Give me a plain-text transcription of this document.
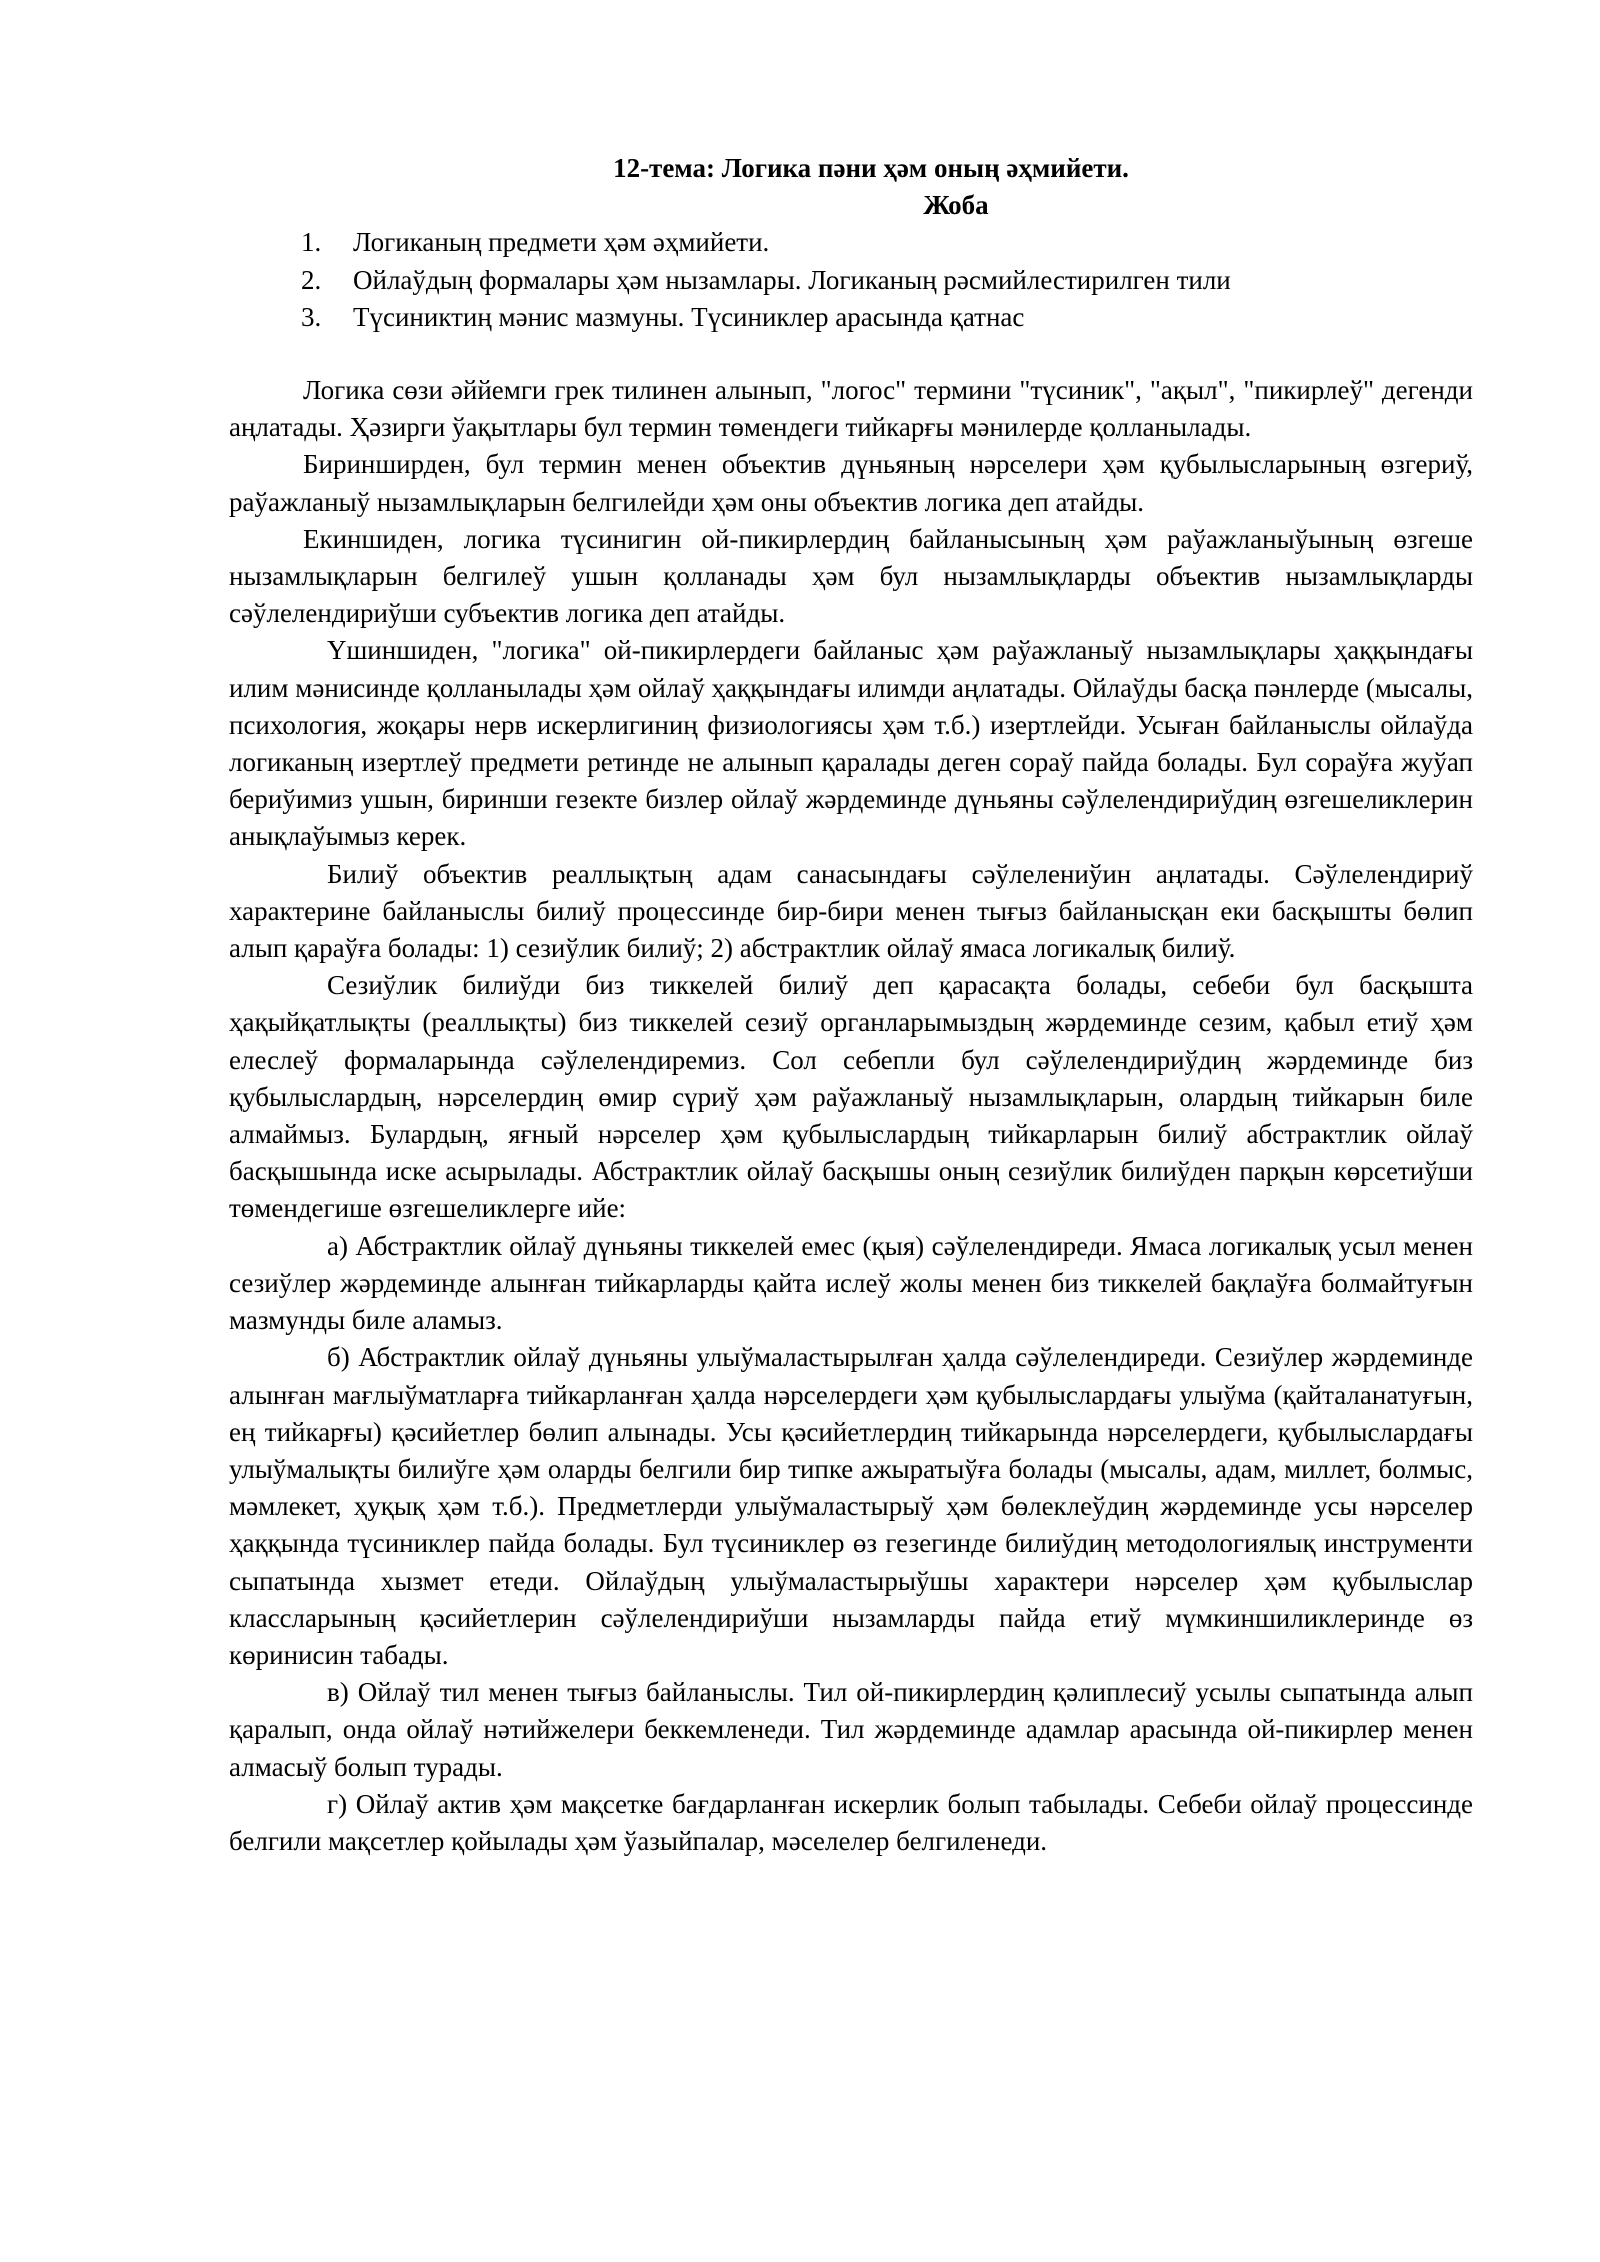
12-тема: Логика пәни ҳәм оның әҳмийети.

Жоба

1. Логиканың предмети ҳәм әҳмийети.
2. Ойлаўдың формалары ҳәм нызамлары. Логиканың рәсмийлестирилген тили
3. Түсиниктиң мәнис мазмуны. Түсиниклер арасында қатнас

Логика сөзи әййемги грек тилинен алынып, "логос" термини "түсиник", "ақыл", "пикирлеў" дегенди аңлатады. Ҳәзирги ўақытлары бул термин төмендеги тийкарғы мәнилерде қолланылады.

Биринширден, бул термин менен объектив дүньяның нәрселери ҳәм қубылысларының өзгериў, раўажланыў нызамлықларын белгилейди ҳәм оны объектив логика деп атайды.

Екиншиден, логика түсинигин ой-пикирлердиң байланысының ҳәм раўажланыўының өзгеше нызамлықларын белгилеў ушын қолланады ҳәм бул нызамлықларды объектив нызамлықларды сәўлелендириўши субъектив логика деп атайды.

Үшиншиден, "логика" ой-пикирлердеги байланыс ҳәм раўажланыў нызамлықлары ҳаққындағы илим мәнисинде қолланылады ҳәм ойлаў ҳаққындағы илимди аңлатады. Ойлаўды басқа пәнлерде (мысалы, психология, жоқары нерв искерлигиниң физиологиясы ҳәм т.б.) изертлейди. Усыған байланыслы ойлаўда логиканың изертлеў предмети ретинде не алынып қаралады деген сораў пайда болады. Бул сораўға жуўап бериўимиз ушын, биринши гезекте бизлер ойлаў жәрдеминде дүньяны сәўлелендириўдиң өзгешеликлерин анықлаўымыз керек.

Билиў объектив реаллықтың адам санасындағы сәўлелениўин аңлатады. Сәўлелендириў характерине байланыслы билиў процессинде бир-бири менен тығыз байланысқан еки басқышты бөлип алып қараўға болады: 1) сезиўлик билиў; 2) абстрактлик ойлаў ямаса логикалық билиў.

Сезиўлик билиўди биз тиккелей билиў деп қарасақта болады, себеби бул басқышта ҳақыйқатлықты (реаллықты) биз тиккелей сезиў органларымыздың жәрдеминде сезим, қабыл етиў ҳәм елеслеў формаларында сәўлелендиремиз. Сол себепли бул сәўлелендириўдиң жәрдеминде биз қубылыслардың, нәрселердиң өмир сүриў ҳәм раўажланыў нызамлықларын, олардың тийкарын биле алмаймыз. Булардың, яғный нәрселер ҳәм қубылыслардың тийкарларын билиў абстрактлик ойлаў басқышында иске асырылады. Абстрактлик ойлаў басқышы оның сезиўлик билиўден парқын көрсетиўши төмендегише өзгешеликлерге ийе:

а) Абстрактлик ойлаў дүньяны тиккелей емес (қыя) сәўлелендиреди. Ямаса логикалық усыл менен сезиўлер жәрдеминде алынған тийкарларды қайта ислеў жолы менен биз тиккелей бақлаўға болмайтуғын мазмунды биле аламыз.

б) Абстрактлик ойлаў дүньяны улыўмаластырылған ҳалда сәўлелендиреди. Сезиўлер жәрдеминде алынған мағлыўматларға тийкарланған ҳалда нәрселердеги ҳәм қубылыслардағы улыўма (қайталанатуғын, ең тийкарғы) қәсийетлер бөлип алынады. Усы қәсийетлердиң тийкарында нәрселердеги, қубылыслардағы улыўмалықты билиўге ҳәм оларды белгили бир типке ажыратыўға болады (мысалы, адам, миллет, болмыс, мәмлекет, ҳуқық ҳәм т.б.). Предметлерди улыўмаластырыў ҳәм бөлеклеўдиң жәрдеминде усы нәрселер ҳаққында түсиниклер пайда болады. Бул түсиниклер өз гезегинде билиўдиң методологиялық инструменти сыпатында хызмет етеди. Ойлаўдың улыўмаластырыўшы характери нәрселер ҳәм қубылыслар классларының қәсийетлерин сәўлелендириўши нызамларды пайда етиў мүмкиншиликлеринде өз көринисин табады.

в) Ойлаў тил менен тығыз байланыслы. Тил ой-пикирлердиң қәлиплесиў усылы сыпатында алып қаралып, онда ойлаў нәтийжелери беккемленеди. Тил жәрдеминде адамлар арасында ой-пикирлер менен алмасыў болып турады.

г) Ойлаў актив ҳәм мақсетке бағдарланған искерлик болып табылады. Себеби ойлаў процессинде белгили мақсетлер қойылады ҳәм ўазыйпалар, мәселелер белгиленеди.
